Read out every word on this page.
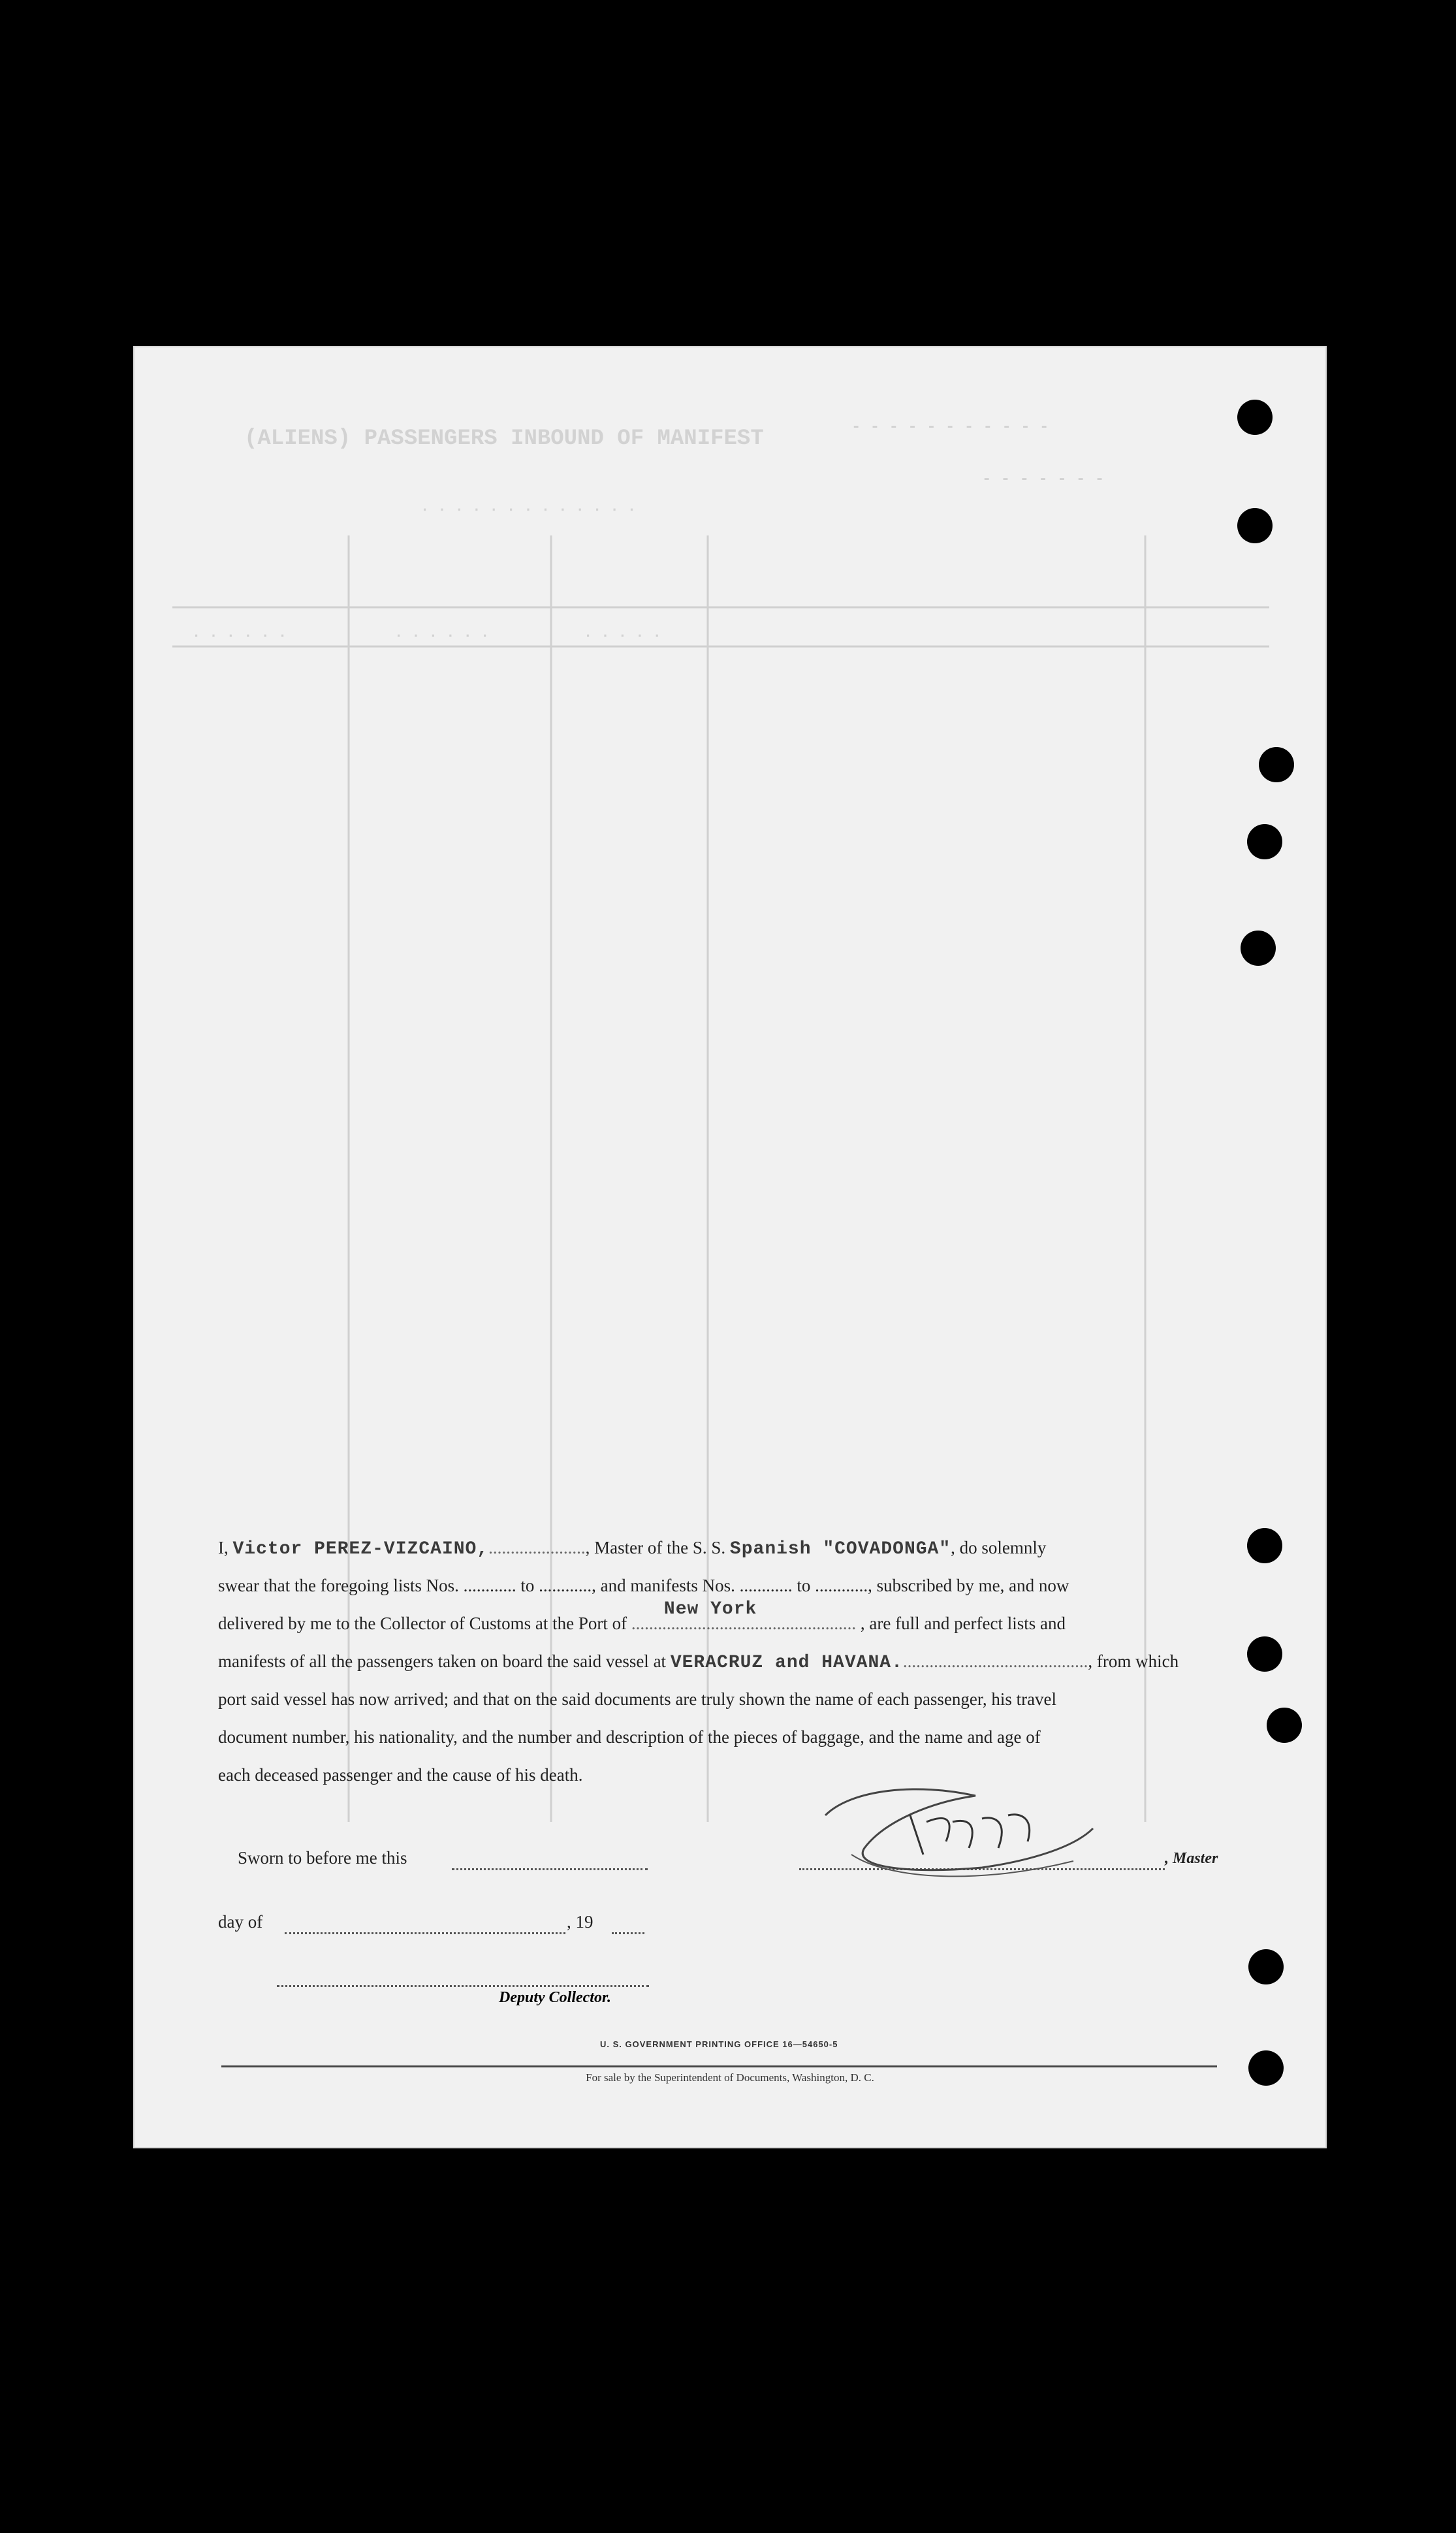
(ALIENS) PASSENGERS INBOUND OF MANIFEST	- - - - - - - - - - -
- - - - - - -
. . . . . . . . . . . . .
. . . . . .	. . . . . .	. . . . .
I, Victor PEREZ-VIZCAINO,......................, Master of the S. S. Spanish "COVADONGA", do solemnly
swear that the foregoing lists Nos. ............ to ............, and manifests Nos. ............ to ............, subscribed by me, and now
delivered by me to the Collector of Customs at the Port of
New York
................................................... , are full and perfect lists and
manifests of all the passengers taken on board the said vessel at VERACRUZ and HAVANA..........................................., from which
port said vessel has now arrived; and that on the said documents are truly shown the name of each passenger, his travel
document number, his nationality, and the number and description of the pieces of baggage, and the name and age of
each deceased passenger and the cause of his death.
Sworn to before me this	, Master
day of	, 19
Deputy Collector.
U. S. GOVERNMENT PRINTING OFFICE 16—54650-5
For sale by the Superintendent of Documents, Washington, D. C.
